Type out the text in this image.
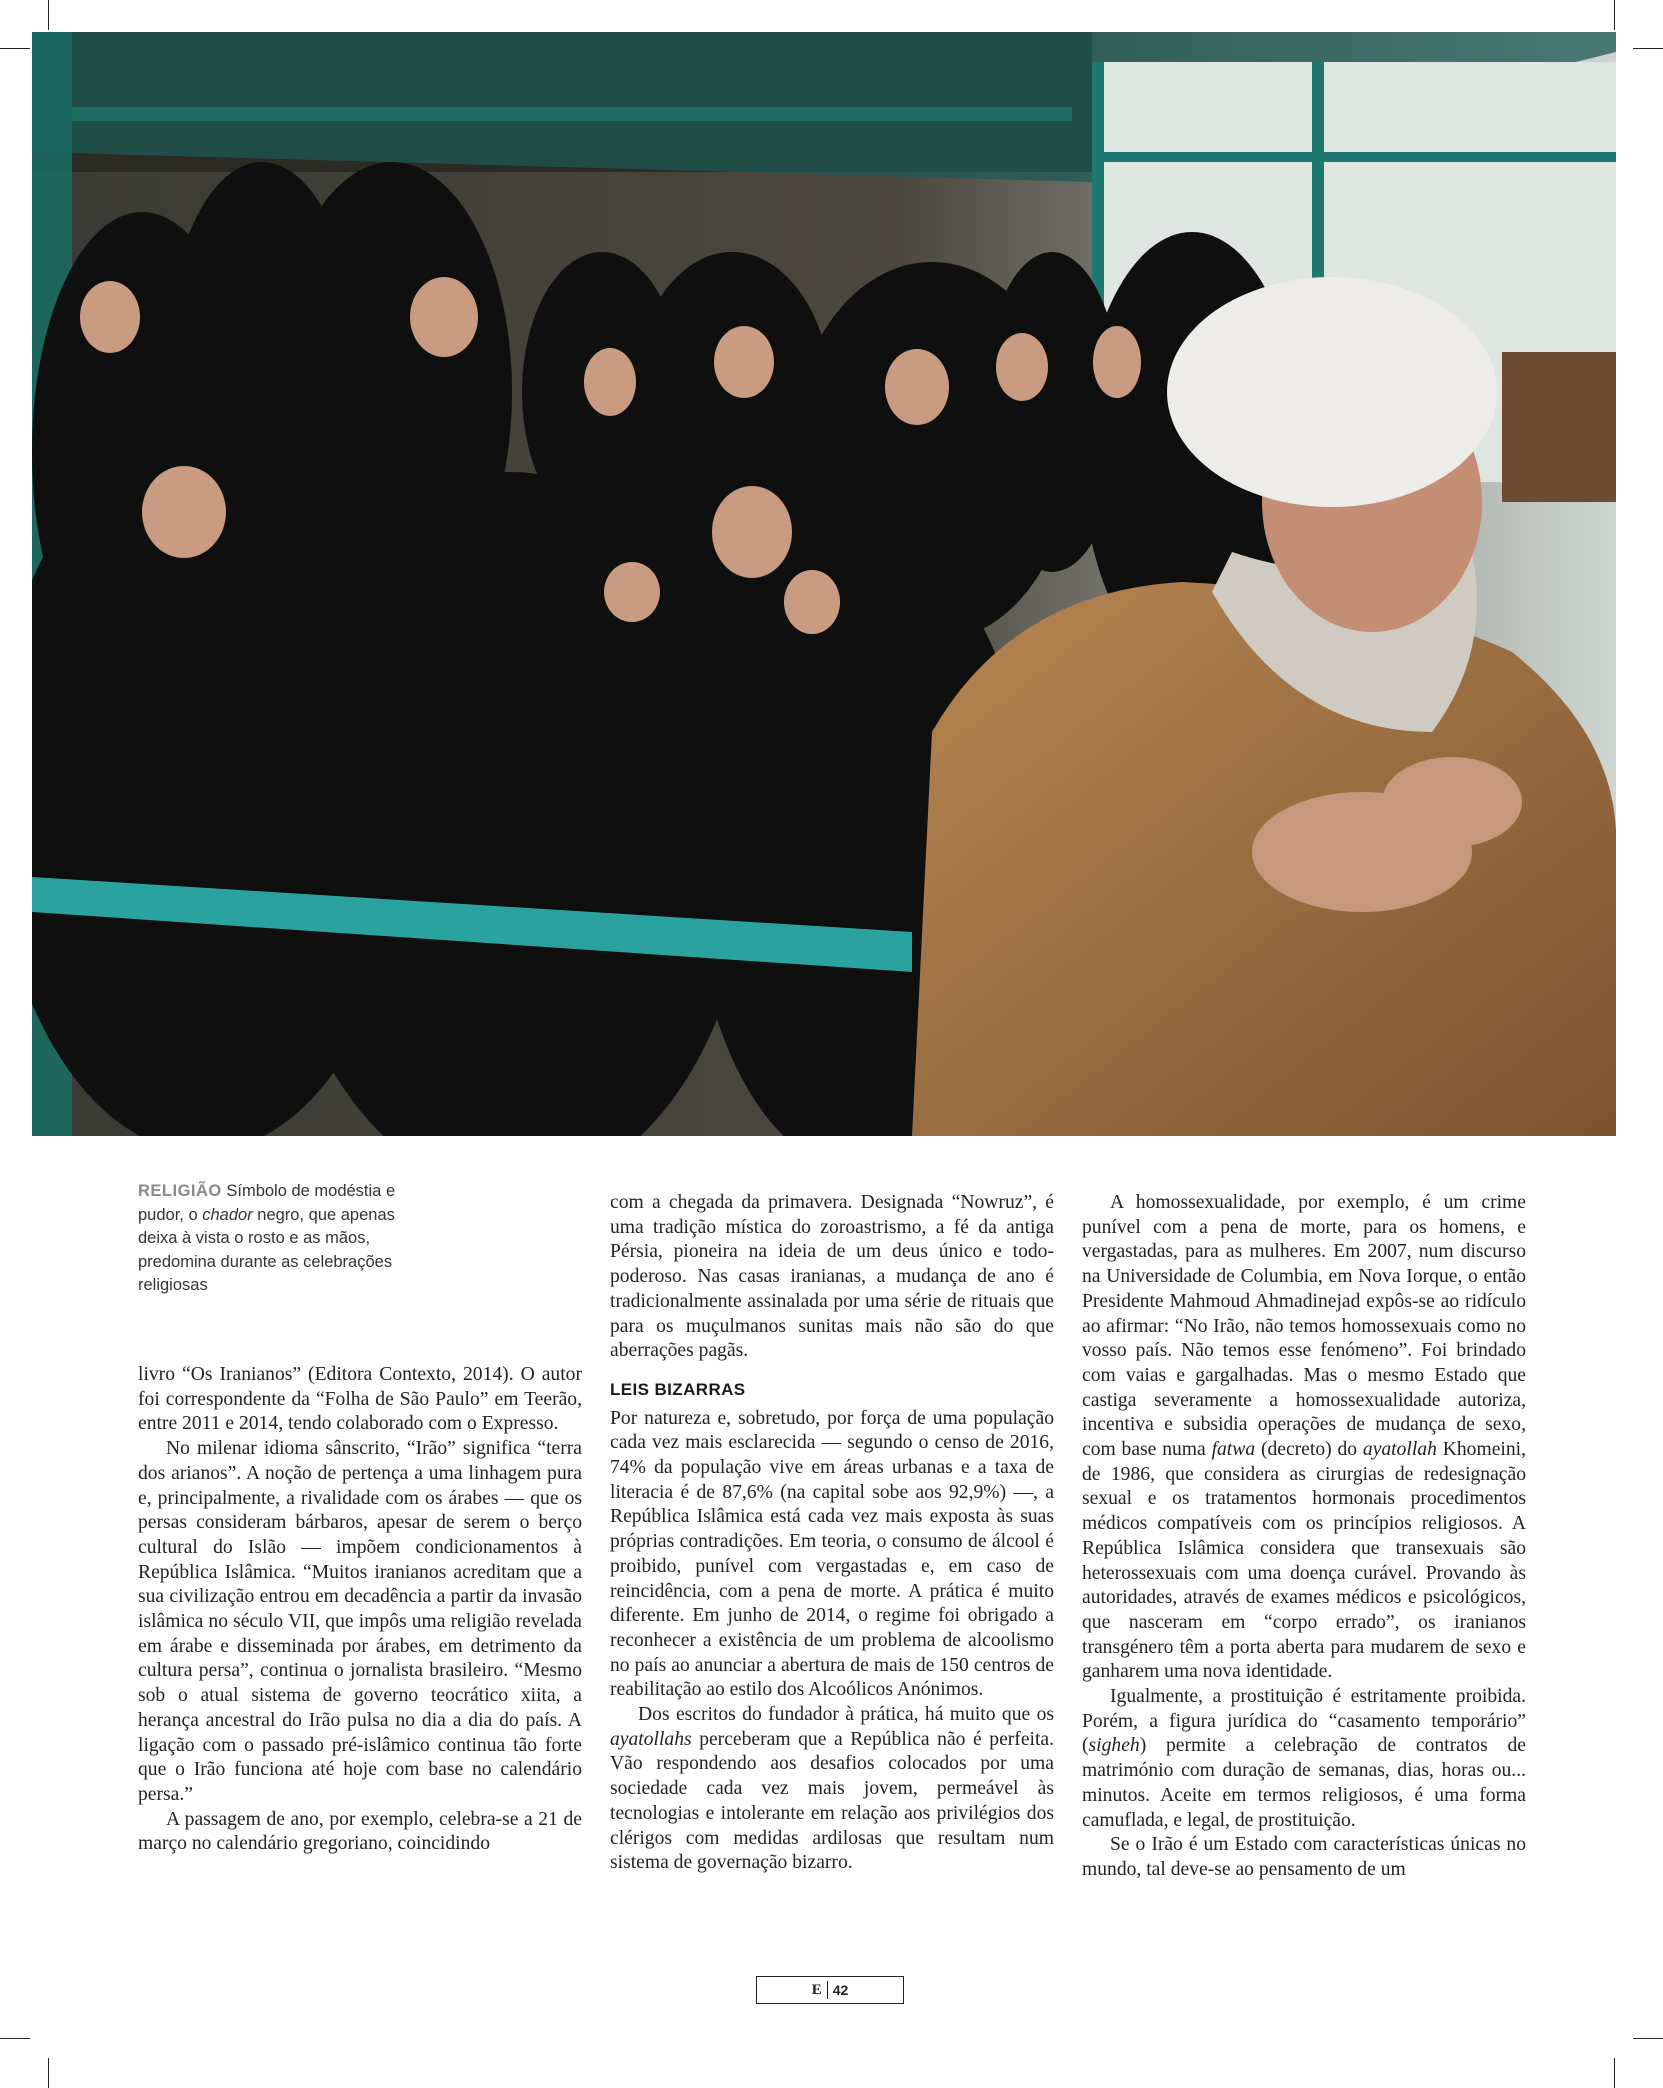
RELIGIÃO Símbolo de modéstia e pudor, o chador negro, que apenas deixa à vista o rosto e as mãos, predomina durante as celebrações religiosas

livro “Os Iranianos” (Editora Contexto, 2014). O autor foi correspondente da “Folha de São Paulo” em Teerão, entre 2011 e 2014, tendo colaborado com o Expresso.

No milenar idioma sânscrito, “Irão” significa “terra dos arianos”. A noção de pertença a uma linhagem pura e, principalmente, a rivalidade com os árabes — que os persas consideram bárbaros, apesar de serem o berço cultural do Islão — impõem condicionamentos à República Islâmica. “Muitos iranianos acreditam que a sua civilização entrou em decadência a partir da invasão islâmica no século VII, que impôs uma religião revelada em árabe e disseminada por árabes, em detrimento da cultura persa”, continua o jornalista brasileiro. “Mesmo sob o atual sistema de governo teocrático xiita, a herança ancestral do Irão pulsa no dia a dia do país. A ligação com o passado pré-islâmico continua tão forte que o Irão funciona até hoje com base no calendário persa.”

A passagem de ano, por exemplo, celebra-se a 21 de março no calendário gregoriano, coincidindo

com a chegada da primavera. Designada “Nowruz”, é uma tradição mística do zoroastrismo, a fé da antiga Pérsia, pioneira na ideia de um deus único e todo-poderoso. Nas casas iranianas, a mudança de ano é tradicionalmente assinalada por uma série de rituais que para os muçulmanos sunitas mais não são do que aberrações pagãs.

LEIS BIZARRAS

Por natureza e, sobretudo, por força de uma população cada vez mais esclarecida — segundo o censo de 2016, 74% da população vive em áreas urbanas e a taxa de literacia é de 87,6% (na capital sobe aos 92,9%) —, a República Islâmica está cada vez mais exposta às suas próprias contradições. Em teoria, o consumo de álcool é proibido, punível com vergastadas e, em caso de reincidência, com a pena de morte. A prática é muito diferente. Em junho de 2014, o regime foi obrigado a reconhecer a existência de um problema de alcoolismo no país ao anunciar a abertura de mais de 150 centros de reabilitação ao estilo dos Alcoólicos Anónimos.

Dos escritos do fundador à prática, há muito que os ayatollahs perceberam que a República não é perfeita. Vão respondendo aos desafios colocados por uma sociedade cada vez mais jovem, permeável às tecnologias e intolerante em relação aos privilégios dos clérigos com medidas ardilosas que resultam num sistema de governação bizarro.

A homossexualidade, por exemplo, é um crime punível com a pena de morte, para os homens, e vergastadas, para as mulheres. Em 2007, num discurso na Universidade de Columbia, em Nova Iorque, o então Presidente Mahmoud Ahmadinejad expôs-se ao ridículo ao afirmar: “No Irão, não temos homossexuais como no vosso país. Não temos esse fenómeno”. Foi brindado com vaias e gargalhadas. Mas o mesmo Estado que castiga severamente a homossexualidade autoriza, incentiva e subsidia operações de mudança de sexo, com base numa fatwa (decreto) do ayatollah Khomeini, de 1986, que considera as cirurgias de redesignação sexual e os tratamentos hormonais procedimentos médicos compatíveis com os princípios religiosos. A República Islâmica considera que transexuais são heterossexuais com uma doença curável. Provando às autoridades, através de exames médicos e psicológicos, que nasceram em “corpo errado”, os iranianos transgénero têm a porta aberta para mudarem de sexo e ganharem uma nova identidade.

Igualmente, a prostituição é estritamente proibida. Porém, a figura jurídica do “casamento temporário” (sigheh) permite a celebração de contratos de matrimónio com duração de semanas, dias, horas ou... minutos. Aceite em termos religiosos, é uma forma camuflada, e legal, de prostituição.

Se o Irão é um Estado com características únicas no mundo, tal deve-se ao pensamento de um

E 42
